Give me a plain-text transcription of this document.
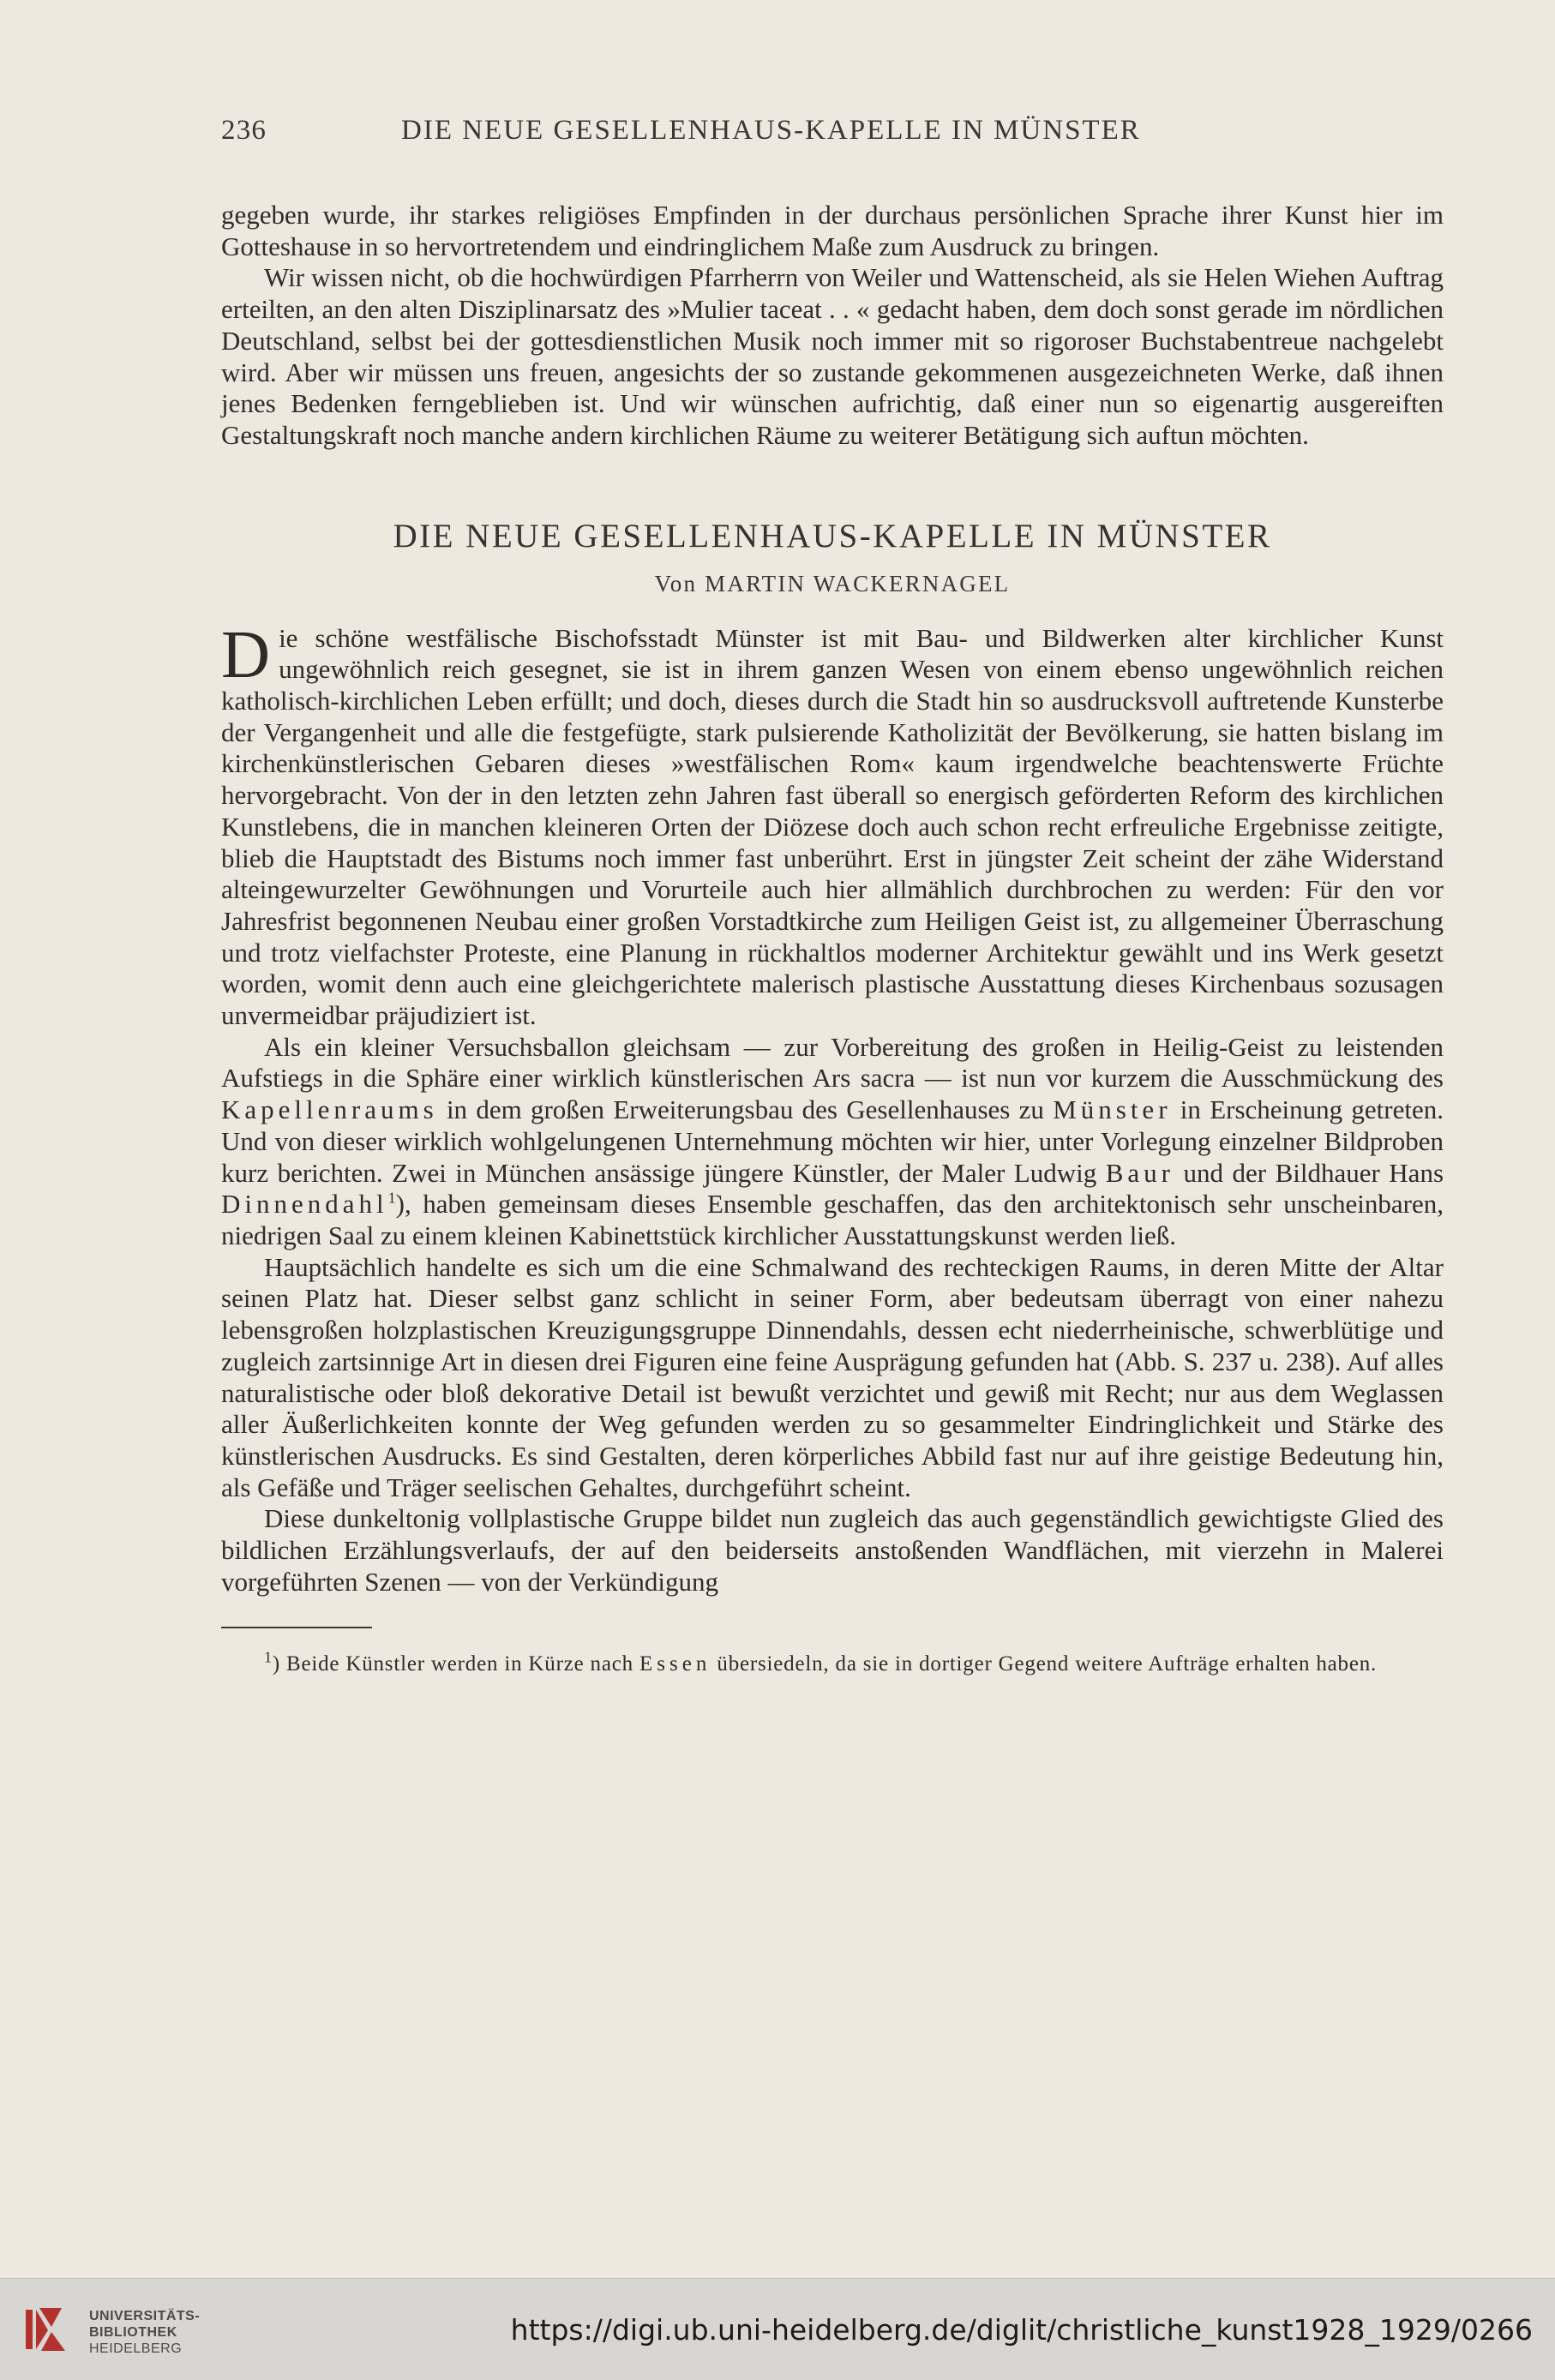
236	DIE NEUE GESELLENHAUS-KAPELLE IN MÜNSTER

gegeben wurde, ihr starkes religiöses Empfinden in der durchaus persönlichen Sprache ihrer Kunst hier im Gotteshause in so hervortretendem und eindringlichem Maße zum Ausdruck zu bringen.

Wir wissen nicht, ob die hochwürdigen Pfarrherrn von Weiler und Wattenscheid, als sie Helen Wiehen Auftrag erteilten, an den alten Disziplinarsatz des »Mulier taceat . . « gedacht haben, dem doch sonst gerade im nördlichen Deutschland, selbst bei der gottesdienstlichen Musik noch immer mit so rigoroser Buchstabentreue nachgelebt wird. Aber wir müssen uns freuen, angesichts der so zustande gekommenen ausgezeichneten Werke, daß ihnen jenes Bedenken ferngeblieben ist. Und wir wünschen aufrichtig, daß einer nun so eigenartig ausgereiften Gestaltungskraft noch manche andern kirchlichen Räume zu weiterer Betätigung sich auftun möchten.

DIE NEUE GESELLENHAUS-KAPELLE IN MÜNSTER
Von MARTIN WACKERNAGEL

Die schöne westfälische Bischofsstadt Münster ist mit Bau- und Bildwerken alter kirchlicher Kunst ungewöhnlich reich gesegnet, sie ist in ihrem ganzen Wesen von einem ebenso ungewöhnlich reichen katholisch-kirchlichen Leben erfüllt; und doch, dieses durch die Stadt hin so ausdrucksvoll auftretende Kunsterbe der Vergangenheit und alle die festgefügte, stark pulsierende Katholizität der Bevölkerung, sie hatten bislang im kirchenkünstlerischen Gebaren dieses »westfälischen Rom« kaum irgendwelche beachtenswerte Früchte hervorgebracht. Von der in den letzten zehn Jahren fast überall so energisch geförderten Reform des kirchlichen Kunstlebens, die in manchen kleineren Orten der Diözese doch auch schon recht erfreuliche Ergebnisse zeitigte, blieb die Hauptstadt des Bistums noch immer fast unberührt. Erst in jüngster Zeit scheint der zähe Widerstand alteingewurzelter Gewöhnungen und Vorurteile auch hier allmählich durchbrochen zu werden: Für den vor Jahresfrist begonnenen Neubau einer großen Vorstadtkirche zum Heiligen Geist ist, zu allgemeiner Überraschung und trotz vielfachster Proteste, eine Planung in rückhaltlos moderner Architektur gewählt und ins Werk gesetzt worden, womit denn auch eine gleichgerichtete malerisch plastische Ausstattung dieses Kirchenbaus sozusagen unvermeidbar präjudiziert ist.

Als ein kleiner Versuchsballon gleichsam — zur Vorbereitung des großen in Heilig-Geist zu leistenden Aufstiegs in die Sphäre einer wirklich künstlerischen Ars sacra — ist nun vor kurzem die Ausschmückung des Kapellenraums in dem großen Erweiterungsbau des Gesellenhauses zu Münster in Erscheinung getreten. Und von dieser wirklich wohlgelungenen Unternehmung möchten wir hier, unter Vorlegung einzelner Bildproben kurz berichten. Zwei in München ansässige jüngere Künstler, der Maler Ludwig Baur und der Bildhauer Hans Dinnendahl$^1$), haben gemeinsam dieses Ensemble geschaffen, das den architektonisch sehr unscheinbaren, niedrigen Saal zu einem kleinen Kabinettstück kirchlicher Ausstattungskunst werden ließ.

Hauptsächlich handelte es sich um die eine Schmalwand des rechteckigen Raums, in deren Mitte der Altar seinen Platz hat. Dieser selbst ganz schlicht in seiner Form, aber bedeutsam überragt von einer nahezu lebensgroßen holzplastischen Kreuzigungsgruppe Dinnendahls, dessen echt niederrheinische, schwerblütige und zugleich zartsinnige Art in diesen drei Figuren eine feine Ausprägung gefunden hat (Abb. S. 237 u. 238). Auf alles naturalistische oder bloß dekorative Detail ist bewußt verzichtet und gewiß mit Recht; nur aus dem Weglassen aller Äußerlichkeiten konnte der Weg gefunden werden zu so gesammelter Eindringlichkeit und Stärke des künstlerischen Ausdrucks. Es sind Gestalten, deren körperliches Abbild fast nur auf ihre geistige Bedeutung hin, als Gefäße und Träger seelischen Gehaltes, durchgeführt scheint.

Diese dunkeltonig vollplastische Gruppe bildet nun zugleich das auch gegenständlich gewichtigste Glied des bildlichen Erzählungsverlaufs, der auf den beiderseits anstoßenden Wandflächen, mit vierzehn in Malerei vorgeführten Szenen — von der Verkündigung

$^1$) Beide Künstler werden in Kürze nach Essen übersiedeln, da sie in dortiger Gegend weitere Aufträge erhalten haben.

UNIVERSITÄTS-
BIBLIOTHEK
HEIDELBERG
https://digi.ub.uni-heidelberg.de/diglit/christliche_kunst1928_1929/0266
